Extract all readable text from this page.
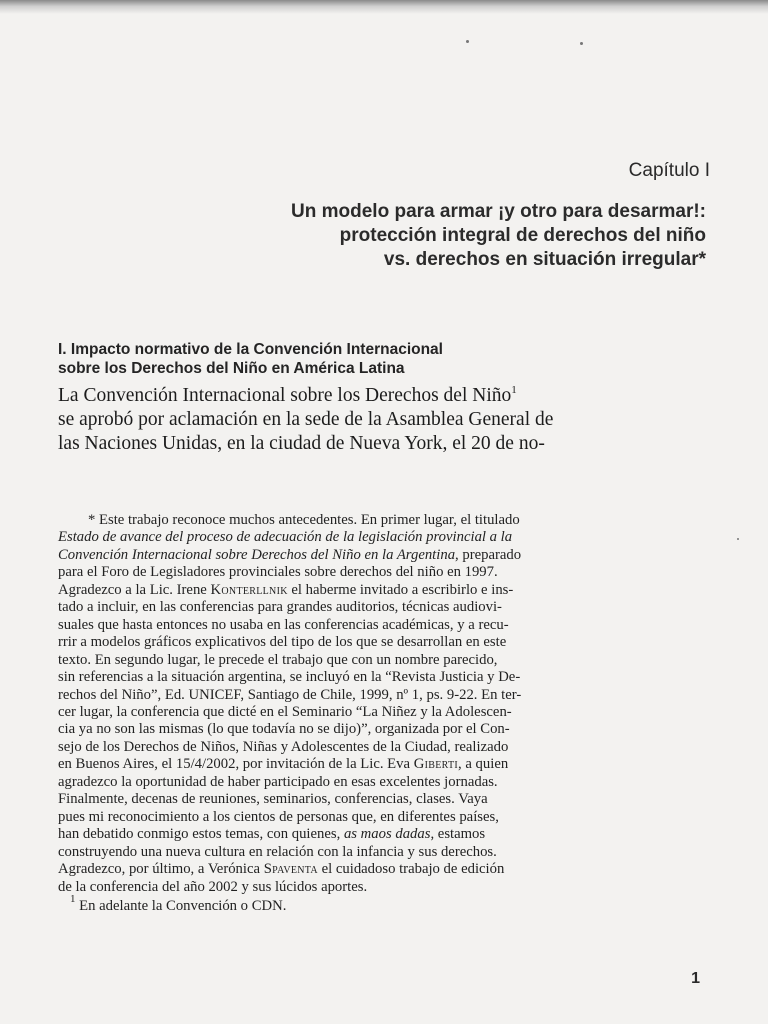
Capítulo I
Un modelo para armar ¡y otro para desarmar!:
protección integral de derechos del niño
vs. derechos en situación irregular*
I. Impacto normativo de la Convención Internacional
sobre los Derechos del Niño en América Latina
La Convención Internacional sobre los Derechos del Niño$^1$
se aprobó por aclamación en la sede de la Asamblea General de
las Naciones Unidas, en la ciudad de Nueva York, el 20 de no-
* Este trabajo reconoce muchos antecedentes. En primer lugar, el titulado
Estado de avance del proceso de adecuación de la legislación provincial a la
Convención Internacional sobre Derechos del Niño en la Argentina, preparado
para el Foro de Legisladores provinciales sobre derechos del niño en 1997.
Agradezco a la Lic. Irene Konterllnik el haberme invitado a escribirlo e ins-
tado a incluir, en las conferencias para grandes auditorios, técnicas audiovi-
suales que hasta entonces no usaba en las conferencias académicas, y a recu-
rrir a modelos gráficos explicativos del tipo de los que se desarrollan en este
texto. En segundo lugar, le precede el trabajo que con un nombre parecido,
sin referencias a la situación argentina, se incluyó en la “Revista Justicia y De-
rechos del Niño”, Ed. UNICEF, Santiago de Chile, 1999, nº 1, ps. 9-22. En ter-
cer lugar, la conferencia que dicté en el Seminario “La Niñez y la Adolescen-
cia ya no son las mismas (lo que todavía no se dijo)”, organizada por el Con-
sejo de los Derechos de Niños, Niñas y Adolescentes de la Ciudad, realizado
en Buenos Aires, el 15/4/2002, por invitación de la Lic. Eva Giberti, a quien
agradezco la oportunidad de haber participado en esas excelentes jornadas.
Finalmente, decenas de reuniones, seminarios, conferencias, clases. Vaya
pues mi reconocimiento a los cientos de personas que, en diferentes países,
han debatido conmigo estos temas, con quienes, as maos dadas, estamos
construyendo una nueva cultura en relación con la infancia y sus derechos.
Agradezco, por último, a Verónica Spaventa el cuidadoso trabajo de edición
de la conferencia del año 2002 y sus lúcidos aportes.
$^1$ En adelante la Convención o CDN.
1
